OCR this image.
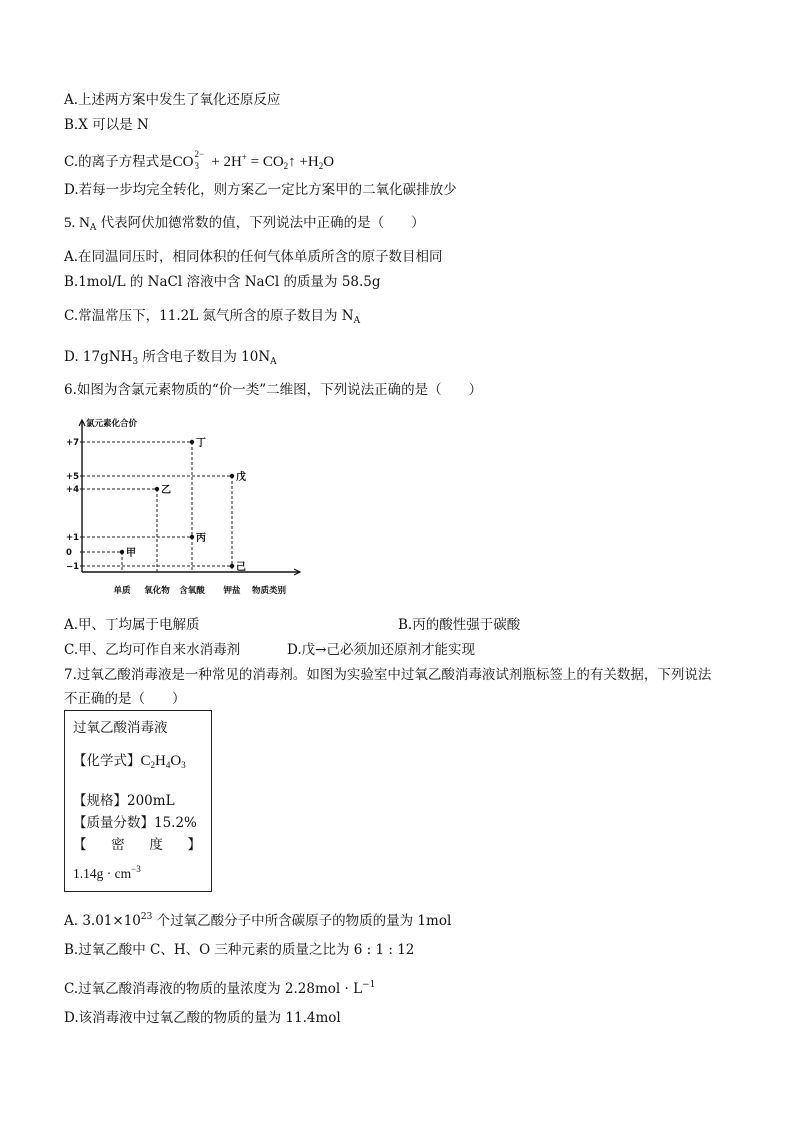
A.上述两方案中发生了氧化还原反应
B.X 可以是 N
C.的离子方程式是CO 2−
$3 + 2H^+ = CO_2↑ +H_2O$
D.若每一步均完全转化，则方案乙一定比方案甲的二氧化碳排放少
5. $N_A$ 代表阿伏加德常数的值，下列说法中正确的是（　　）
A.在同温同压时，相同体积的任何气体单质所含的原子数目相同
B.1mol/L 的 NaCl 溶液中含 NaCl 的质量为 58.5g
C.常温常压下，11.2L 氮气所含的原子数目为 $N_A$
D. 17gNH$_3$ 所含电子数目为 $10N_A$
6.如图为含氯元素物质的“价一类”二维图，下列说法正确的是（　　）
氯元素化合价
物质类别
+7
+5
+4
+1
0
−1
单质 氧化物 含氧酸 钾盐
甲
乙
丙
丁
戊
己
A.甲、丁均属于电解质	B.丙的酸性强于碳酸
C.甲、乙均可作自来水消毒剂	D.戊→己必须加还原剂才能实现
7.过氧乙酸消毒液是一种常见的消毒剂。如图为实验室中过氧乙酸消毒液试剂瓶标签上的有关数据，下列说法
不正确的是（　　）
过氧乙酸消毒液
【化学式】$C_2H_4O_3$
【规格】200mL
【质量分数】15.2%
【 密 度 】
$1.14g \cdot cm^{-3}$
A. $3.01\times 10^{23}$ 个过氧乙酸分子中所含碳原子的物质的量为 1mol
B.过氧乙酸中 C、H、O 三种元素的质量之比为 6 : 1 : 12
C.过氧乙酸消毒液的物质的量浓度为 $2.28mol \cdot L^{-1}$
D.该消毒液中过氧乙酸的物质的量为 11.4mol
